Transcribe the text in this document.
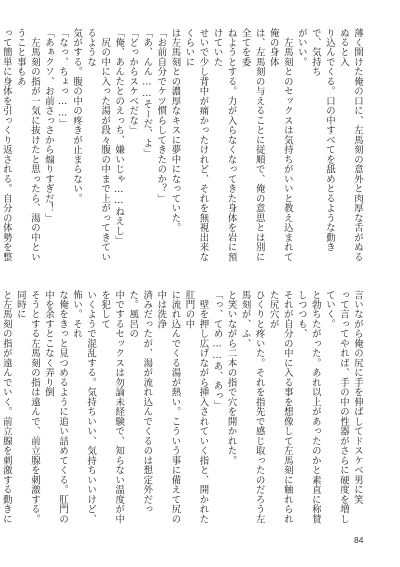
薄く開けた俺の口に、左馬刻の意外と肉厚な舌がぬるぬると入

り込んでくる。口の中すべてを舐めとるような動きで、気持ち

がいい。

　左馬刻とのセックスは気持ちがいいと教え込まれて俺の身体

は、左馬刻の与えることに従順で、俺の意思とは別に全てを委

ねようとする。力が入らなくなってきた身体を岩に預けていた

せいで少し背中が痛かったけれど、それを無視出来なくらいに

は左馬刻との濃厚なキスに夢中になっていた。

「お前自分でケツ慣らしてきたのか？」

「あ、んん……そーだ、よ」

「どっからスケベだな」

「俺、あんたとのえっち、嫌いじゃ……ねえし」

　尻の中に入った湯が段々腹の中まで上がってきているような

気がする。腹の中の疼きが止まらない。

「なっ、ちょっ……」

「あぁクソ、お前さっさから煽りすぎだ！」

　左馬刻の指が一気に抜けたと思ったら、湯の中ということ事もあ

って簡単に身体を引っくり返される。自分の体勢を整

言いながら俺の尻に手を伸ばしてドスケベ男に笑

って言ってやれば、手の中の性器がさらに硬度を増していく。

と勃ちたがった。あれ以上があったのかと素直に称賛しつつも、

それが自分の中に入る事を想像して左馬刻に触れられた尻穴が

ひくりと疼いた。それを指先で感じ取ったのだろう左馬刻が、ふ、

と笑いながら二本の指で穴を開かれた。

「っ、てめ……あ、あっ」

　壁を押し広げながら挿入されていく指と、開かれた肛門の中

に流れ込んでくる湯が熱い。こういう事に備えて尻の中は洗浄

済みだったが、湯が流れ込んでくるのは想定外だった。風呂の

中でするセックスは勿論未経験で、知らない温度が中を犯して

いくようで混乱する。気持ちいい、気持ちいいけど、怖い。それ

な俺をきっと見つめるように追い詰めてくる。肛門の中を余すとこなく弄り倒

そうとする左馬刻の指は遠んで、前立腺を刺激する。同時に

と左馬刻の指が遠んでいく。前立腺を刺激する動きに

84
